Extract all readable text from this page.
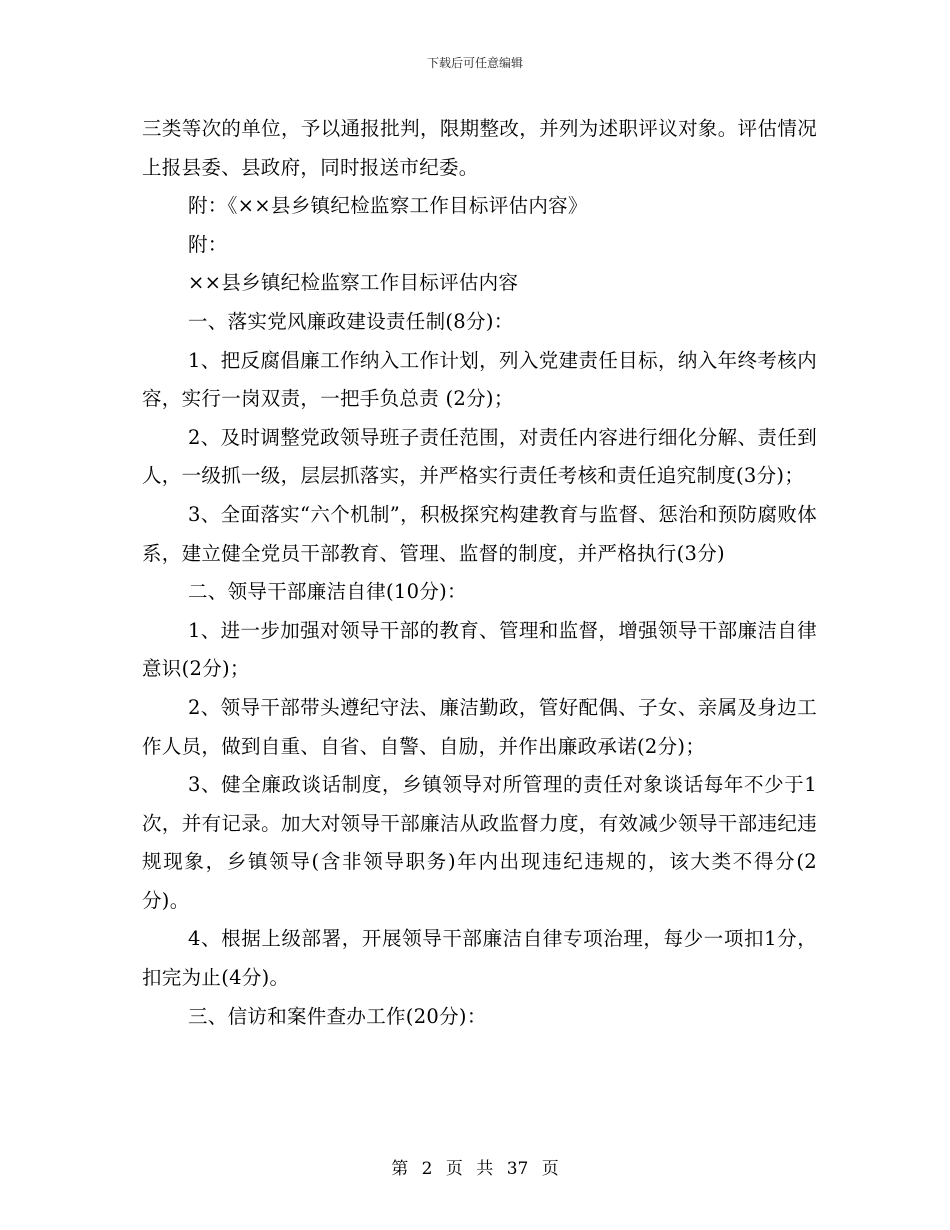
下载后可任意编辑

三类等次的单位，予以通报批判，限期整改，并列为述职评议对象。评估情况上报县委、县政府，同时报送市纪委。

附：《××县乡镇纪检监察工作目标评估内容》

附：

××县乡镇纪检监察工作目标评估内容

一、落实党风廉政建设责任制(8分)：

1、把反腐倡廉工作纳入工作计划，列入党建责任目标，纳入年终考核内容，实行一岗双责，一把手负总责 (2分)；

2、及时调整党政领导班子责任范围，对责任内容进行细化分解、责任到人，一级抓一级，层层抓落实，并严格实行责任考核和责任追究制度(3分)；

3、全面落实“六个机制”，积极探究构建教育与监督、惩治和预防腐败体系，建立健全党员干部教育、管理、监督的制度，并严格执行(3分)

二、领导干部廉洁自律(10分)：

1、进一步加强对领导干部的教育、管理和监督，增强领导干部廉洁自律意识(2分)；

2、领导干部带头遵纪守法、廉洁勤政，管好配偶、子女、亲属及身边工作人员，做到自重、自省、自警、自励，并作出廉政承诺(2分)；

3、健全廉政谈话制度，乡镇领导对所管理的责任对象谈话每年不少于1次，并有记录。加大对领导干部廉洁从政监督力度，有效减少领导干部违纪违规现象，乡镇领导(含非领导职务)年内出现违纪违规的，该大类不得分(2分)。

4、根据上级部署，开展领导干部廉洁自律专项治理，每少一项扣1分，扣完为止(4分)。

三、信访和案件查办工作(20分)：

第 2 页 共 37 页
